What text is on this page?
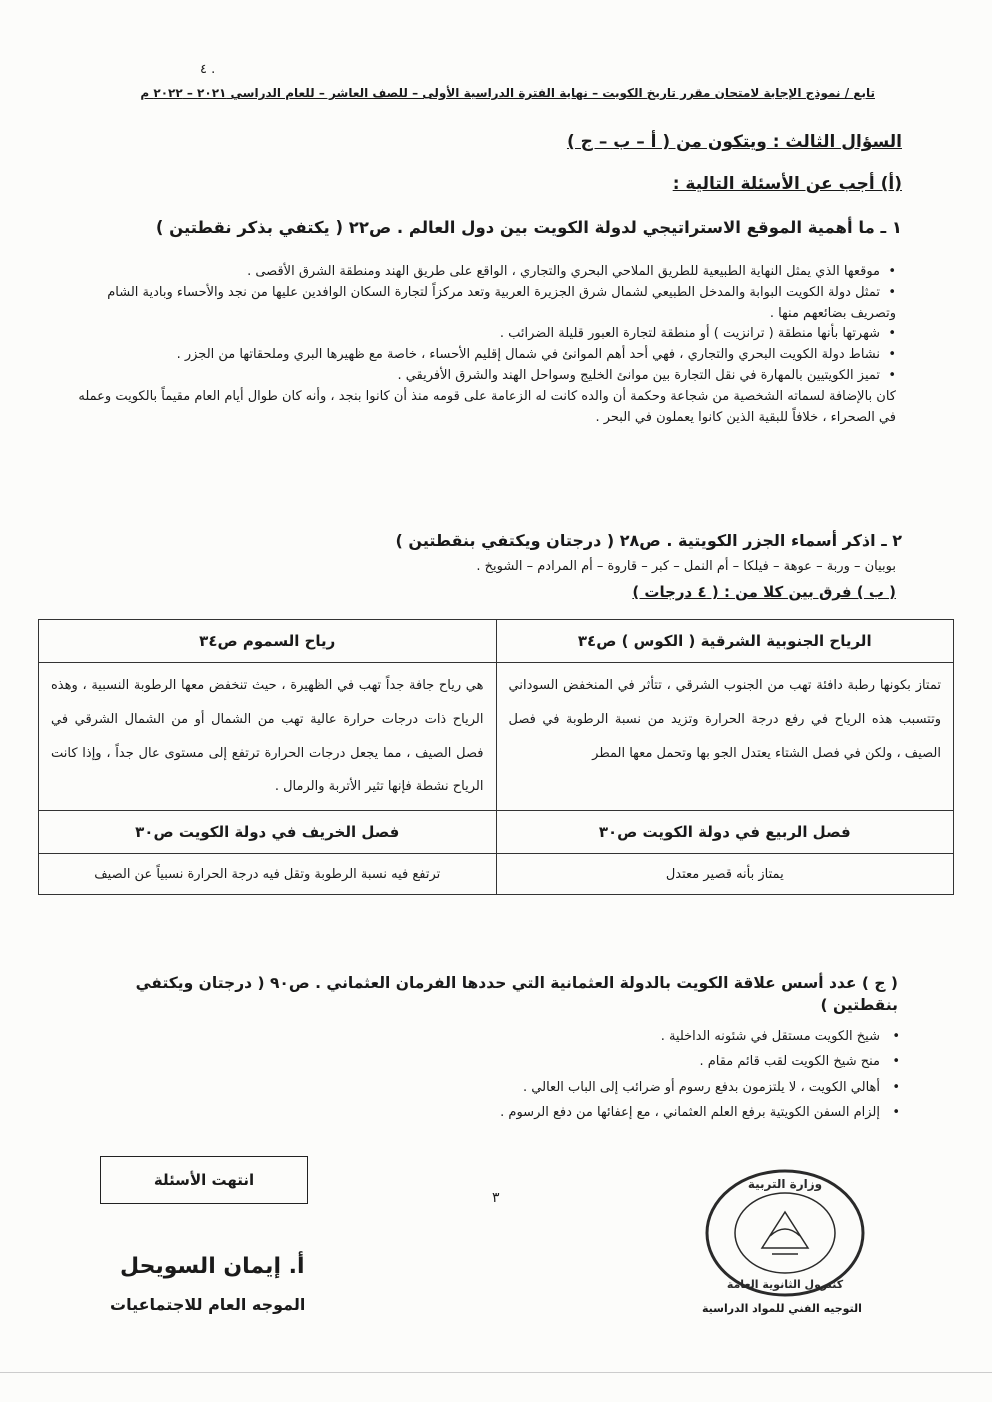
٤ .
تابع / نموذج الإجابة لامتحان مقرر تاريخ الكويت – نهاية الفترة الدراسية الأولى – للصف العاشر – للعام الدراسي ٢٠٢١ – ٢٠٢٢ م
السؤال الثالث : ويتكون من ( أ – ب – ج )
(أ) أجب عن الأسئلة التالية :
١ ـ ما أهمية الموقع الاستراتيجي لدولة الكويت بين دول العالم . ص٢٢ ( يكتفي بذكر نقطتين )

•موقعها الذي يمثل النهاية الطبيعية للطريق الملاحي البحري والتجاري ، الواقع على طريق الهند ومنطقة الشرق الأقصى .

•تمثل دولة الكويت البوابة والمدخل الطبيعي لشمال شرق الجزيرة العربية وتعد مركزاً لتجارة السكان الوافدين عليها من نجد والأحساء وبادية الشام وتصريف بضائعهم منها .

•شهرتها بأنها منطقة ( ترانزيت ) أو منطقة لتجارة العبور قليلة الضرائب .

•نشاط دولة الكويت البحري والتجاري ، فهي أحد أهم الموانئ في شمال إقليم الأحساء ، خاصة مع ظهيرها البري وملحقاتها من الجزر .

•تميز الكويتيين بالمهارة في نقل التجارة بين موانئ الخليج وسواحل الهند والشرق الأفريقي .

كان بالإضافة لسماته الشخصية من شجاعة وحكمة أن والده كانت له الزعامة على قومه منذ أن كانوا بنجد ، وأنه كان طوال أيام العام مقيماً بالكويت وعمله في الصحراء ، خلافاً للبقية الذين كانوا يعملون في البحر .

٢ ـ اذكر أسماء الجزر الكويتية . ص٢٨ ( درجتان ويكتفي بنقطتين )
بوبيان – وربة – عوهة – فيلكا – أم النمل – كبر – قاروة – أم المرادم – الشويخ .
( ب ) فرق بين كلا من : ( ٤ درجات )
الرياح الجنوبية الشرقية ( الكوس ) ص٣٤	رياح السموم ص٣٤
تمتاز بكونها رطبة دافئة تهب من الجنوب الشرقي ، تتأثر في المنخفض السوداني وتتسبب هذه الرياح في رفع درجة الحرارة وتزيد من نسبة الرطوبة في فصل الصيف ، ولكن في فصل الشتاء يعتدل الجو بها وتحمل معها المطر	هي رياح جافة جداً تهب في الظهيرة ، حيث تنخفض معها الرطوبة النسبية ، وهذه الرياح ذات درجات حرارة عالية تهب من الشمال أو من الشمال الشرقي في فصل الصيف ، مما يجعل درجات الحرارة ترتفع إلى مستوى عال جداً ، وإذا كانت الرياح نشطة فإنها تثير الأتربة والرمال .
فصل الربيع في دولة الكويت ص٣٠	فصل الخريف في دولة الكويت ص٣٠
يمتاز بأنه قصير معتدل	ترتفع فيه نسبة الرطوبة وتقل فيه درجة الحرارة نسبياً عن الصيف
( ج ) عدد أسس علاقة الكويت بالدولة العثمانية التي حددها الفرمان العثماني . ص٩٠ ( درجتان ويكتفي بنقطتين )

•شيخ الكويت مستقل في شئونه الداخلية .

•منح شيخ الكويت لقب قائم مقام .

•أهالي الكويت ، لا يلتزمون بدفع رسوم أو ضرائب إلى الباب العالي .

•إلزام السفن الكويتية برفع العلم العثماني ، مع إعفائها من دفع الرسوم .

انتهت الأسئلة
٣
أ. إيمان السويحل
الموجه العام للاجتماعيات
وزارة التربية
كنترول الثانوية العامة
التوجيه الفني للمواد الدراسية
